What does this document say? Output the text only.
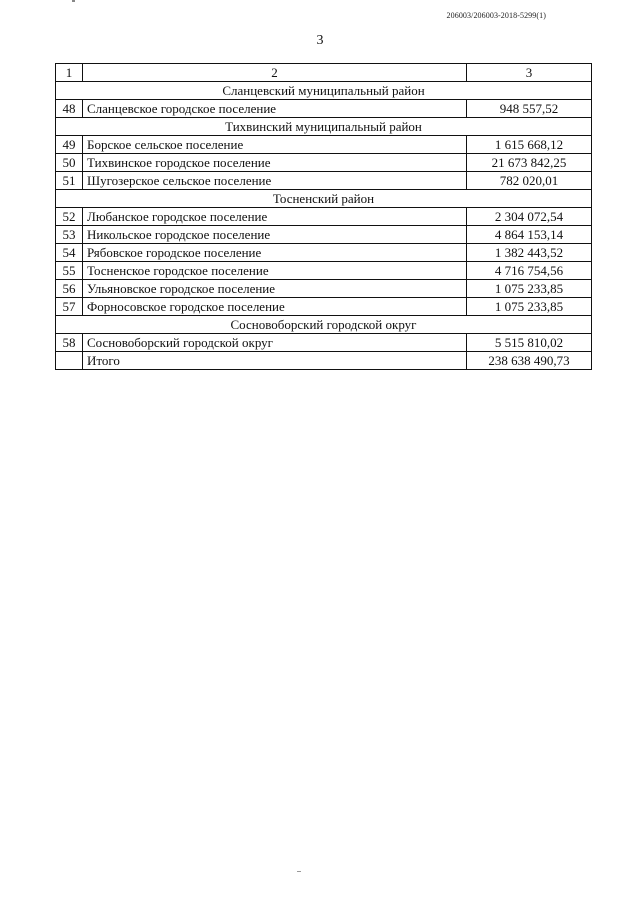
206003/206003-2018-5299(1)
3
1	2	3
Сланцевский муниципальный район		
48	Сланцевское городское поселение	948 557,52
Тихвинский муниципальный район		
49	Борское сельское поселение	1 615 668,12
50	Тихвинское городское поселение	21 673 842,25
51	Шугозерское сельское поселение	782 020,01
Тосненский район		
52	Любанское городское поселение	2 304 072,54
53	Никольское городское поселение	4 864 153,14
54	Рябовское городское поселение	1 382 443,52
55	Тосненское городское поселение	4 716 754,56
56	Ульяновское городское поселение	1 075 233,85
57	Форносовское городское поселение	1 075 233,85
Сосновоборский городской округ		
58	Сосновоборский городской округ	5 515 810,02
	Итого	238 638 490,73
